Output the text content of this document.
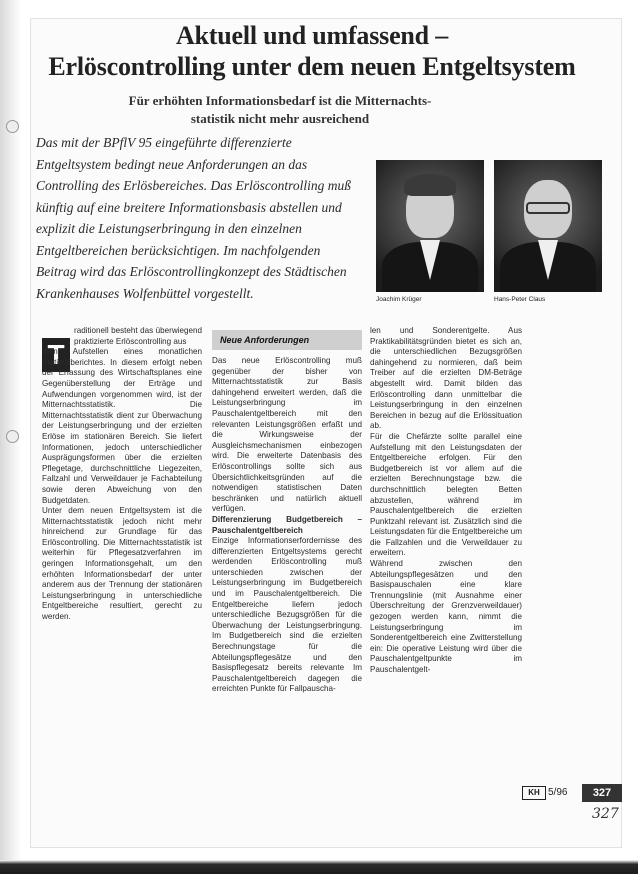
Aktuell und umfassend –
Erlöscontrolling unter dem neuen Entgeltsystem
Für erhöhten Informationsbedarf ist die Mitternachts-
statistik nicht mehr ausreichend
Das mit der BPflV 95 eingeführte differenzierte Entgeltsystem bedingt neue Anforderungen an das Controlling des Erlösbereiches. Das Erlöscontrolling muß künftig auf eine breitere Informationsbasis abstellen und explizit die Leistungserbringung in den einzelnen Entgeltbereichen berücksichtigen. Im nachfolgenden Beitrag wird das Erlöscontrollingkonzept des Städtischen Krankenhauses Wolfenbüttel vorgestellt.	Joachim Krüger	Hans-Peter Claus
T

raditionell besteht das überwiegend praktizierte Erlöscontrolling aus

dem Aufstellen eines monatlichen Statistikberichtes. In diesem erfolgt neben der Erfassung des Wirtschaftsplanes eine Gegenüberstellung der Erträge und Aufwendungen vorgenommen wird, ist der Mitternachtsstatistik. Die Mitternachtsstatistik dient zur Überwachung der Leistungserbringung und der erzielten Erlöse im stationären Bereich. Sie liefert Informationen, jedoch unterschiedlicher Ausprägungsformen über die erzielten Pflegetage, durchschnittliche Liegezeiten, Fallzahl und Verweildauer je Fachabteilung sowie deren Abweichung von den Budgetdaten.

Unter dem neuen Entgeltsystem ist die Mitternachtsstatistik jedoch nicht mehr hinreichend zur Grundlage für das Erlöscontrolling. Die Mitternachtsstatistik ist weiterhin für Pflegesatzverfahren im geringen Informationsgehalt, um den erhöhten Informationsbedarf der unter anderem aus der Trennung der stationären Leistungserbringung in unterschiedliche Entgeltbereiche resultiert, gerecht zu werden.

Neue Anforderungen

Das neue Erlöscontrolling muß gegenüber der bisher von Mitternachtsstatistik zur Basis dahingehend erweitert werden, daß die Leistungserbringung im Pauschalentgeltbereich mit den relevanten Leistungsgrößen erfaßt und die Wirkungsweise der Ausgleichsmechanismen einbezogen wird. Die erweiterte Datenbasis des Erlöscontrollings sollte sich aus Übersichtlichkeitsgründen auf die notwendigen statistischen Daten beschränken und natürlich aktuell verfügen.

Differenzierung Budgetbereich – Pauschalentgeltbereich

Einzige Informationserfordernisse des differenzierten Entgeltsystems gerecht werdenden Erlöscontrolling muß unterschieden zwischen der Leistungserbringung im Budgetbereich und im Pauschalentgeltbereich. Die Entgeltbereiche liefern jedoch unterschiedliche Bezugsgrößen für die Überwachung der Leistungserbringung. Im Budgetbereich sind die erzielten Berechnungstage für die Abteilungspflegesätze und den Basispflegesatz bereits relevante Im Pauschalentgeltbereich dagegen die erreichten Punkte für Fallpauscha-

len und Sonderentgelte. Aus Praktikabilitätsgründen bietet es sich an, die unterschiedlichen Bezugsgrößen dahingehend zu normieren, daß beim Treiber auf die erzielten DM-Beträge abgestellt wird. Damit bilden das Erlöscontrolling dann unmittelbar die Leistungserbringung in den einzelnen Bereichen in bezug auf die Erlössituation ab.

Für die Chefärzte sollte parallel eine Aufstellung mit den Leistungsdaten der Entgeltbereiche erfolgen. Für den Budgetbereich ist vor allem auf die erzielten Berechnungstage bzw. die durchschnittlich belegten Betten abzustellen, während im Pauschalentgeltbereich die erzielten Punktzahl relevant ist. Zusätzlich sind die Leistungsdaten für die Entgeltbereiche um die Fallzahlen und die Verweildauer zu erweitern.

Während zwischen den Abteilungspflegesätzen und den Basispauschalen eine klare Trennungslinie (mit Ausnahme einer Überschreitung der Grenzverweildauer) gezogen werden kann, nimmt die Leistungserbringung im Sonderentgeltbereich eine Zwitterstellung ein: Die operative Leistung wird über die Pauschalentgeltpunkte im Pauschalentgelt-

KH 5/96	327
327
